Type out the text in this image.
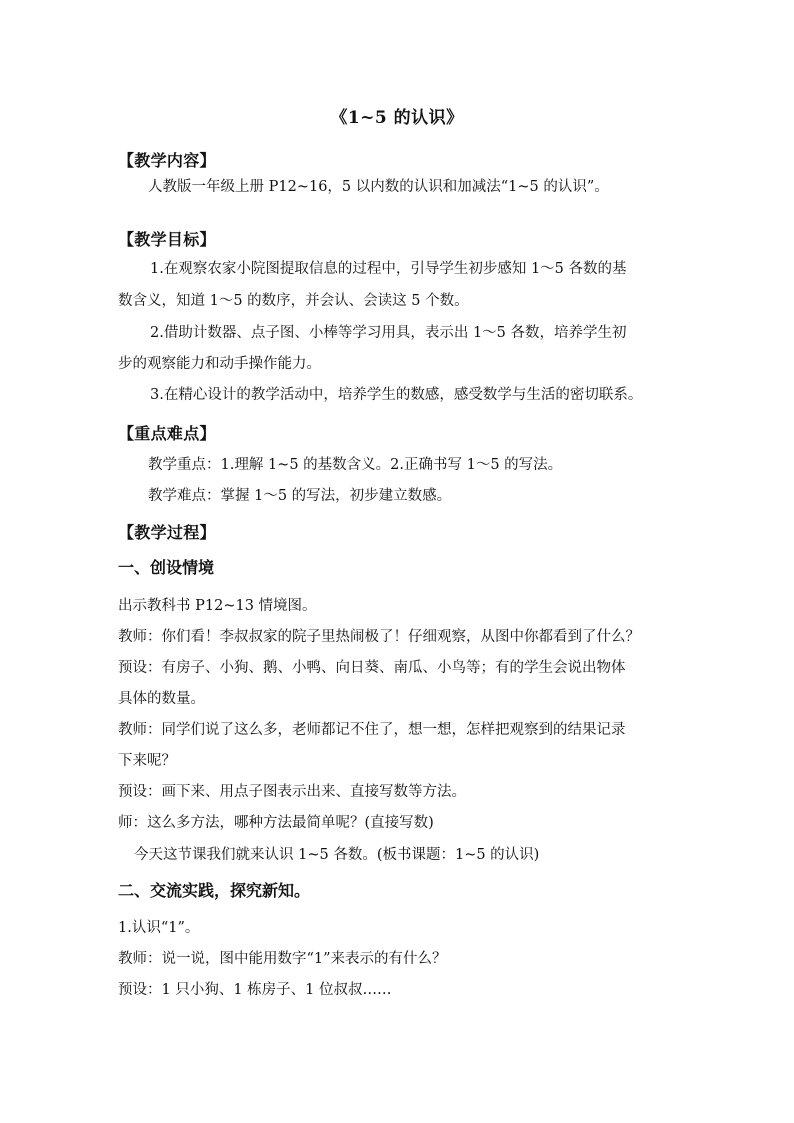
《1~5 的认识》
【教学内容】
人教版一年级上册 P12~16，5 以内数的认识和加减法“1~5 的认识”。
【教学目标】
1.在观察农家小院图提取信息的过程中，引导学生初步感知 1～5 各数的基
数含义，知道 1～5 的数序，并会认、会读这 5 个数。
2.借助计数器、点子图、小棒等学习用具，表示出 1～5 各数，培养学生初
步的观察能力和动手操作能力。
3.在精心设计的教学活动中，培养学生的数感，感受数学与生活的密切联系。
【重点难点】
教学重点：1.理解 1~5 的基数含义。2.正确书写 1～5 的写法。
教学难点：掌握 1～5 的写法，初步建立数感。
【教学过程】
一、创设情境
出示教科书 P12~13 情境图。
教师：你们看！李叔叔家的院子里热闹极了！仔细观察，从图中你都看到了什么？
预设：有房子、小狗、鹅、小鸭、向日葵、南瓜、小鸟等；有的学生会说出物体
具体的数量。
教师：同学们说了这么多，老师都记不住了，想一想，怎样把观察到的结果记录
下来呢？
预设：画下来、用点子图表示出来、直接写数等方法。
师：这么多方法，哪种方法最简单呢？(直接写数)
今天这节课我们就来认识 1~5 各数。(板书课题：1~5 的认识)
二、交流实践，探究新知。
1.认识“1”。
教师：说一说，图中能用数字“1”来表示的有什么？
预设：1 只小狗、1 栋房子、1 位叔叔……
